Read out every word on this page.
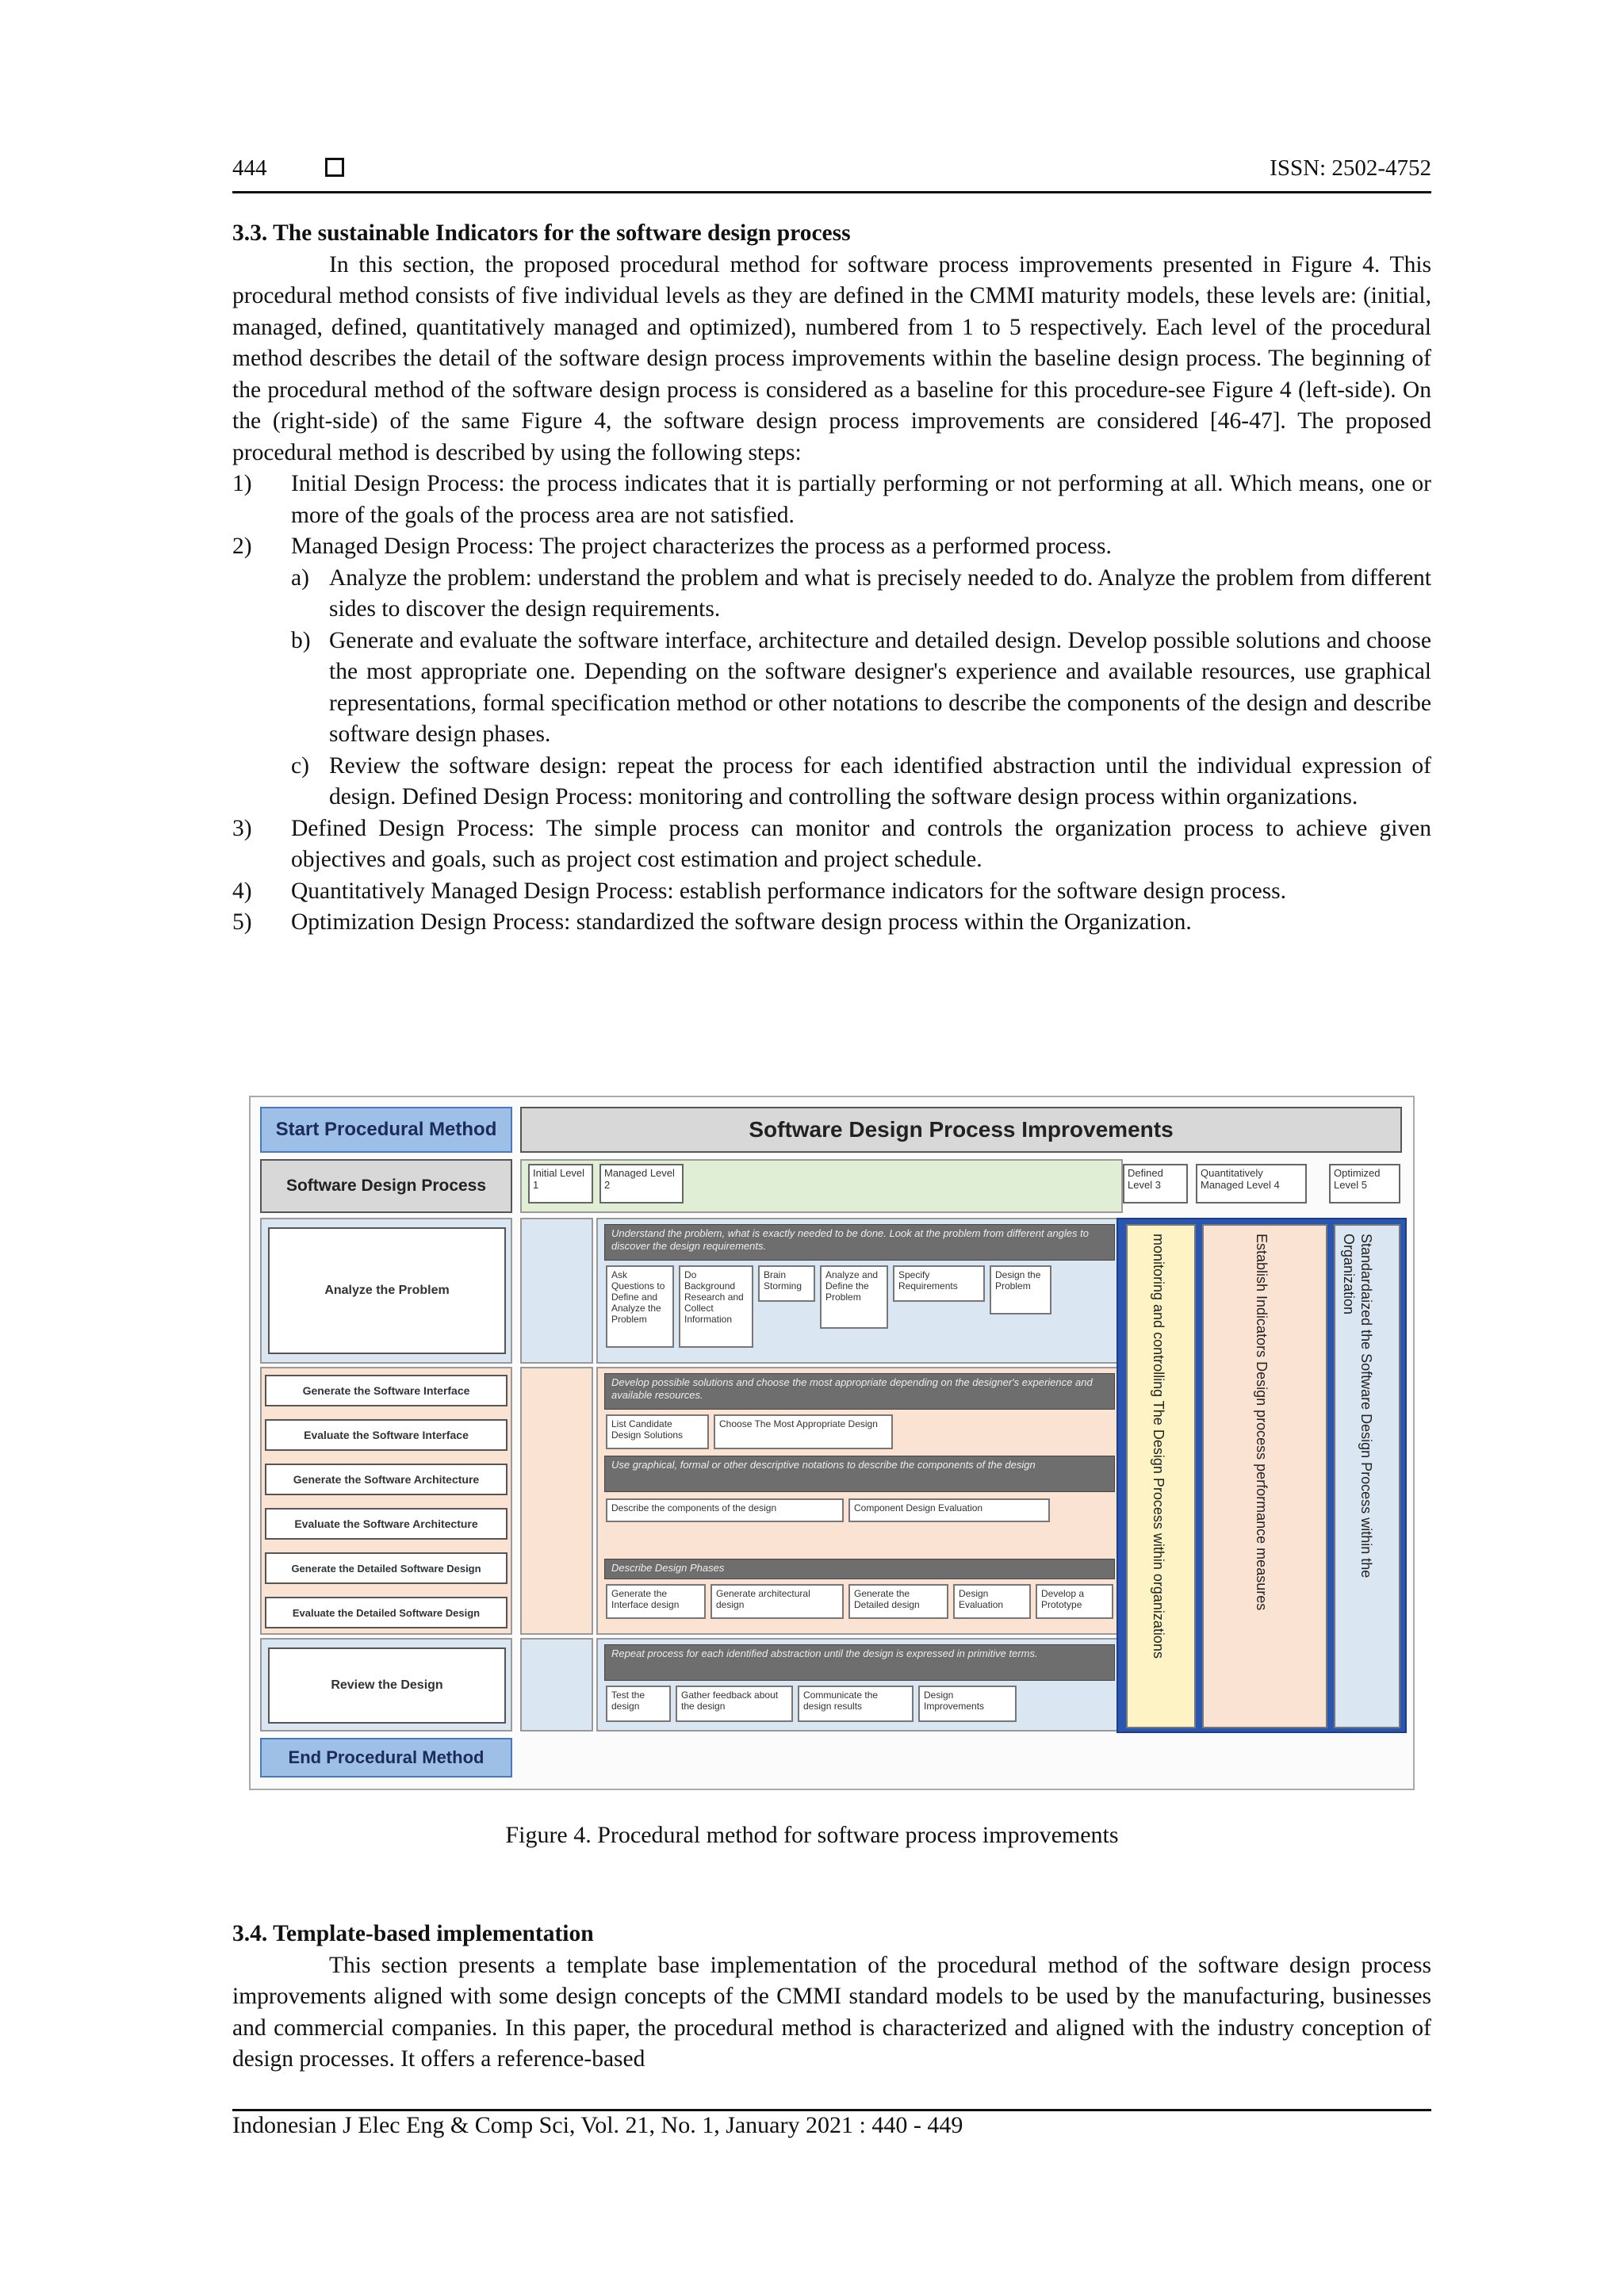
444	ISSN: 2502-4752
3.3. The sustainable Indicators for the software design process

In this section, the proposed procedural method for software process improvements presented in Figure 4. This procedural method consists of five individual levels as they are defined in the CMMI maturity models, these levels are: (initial, managed, defined, quantitatively managed and optimized), numbered from 1 to 5 respectively. Each level of the procedural method describes the detail of the software design process improvements within the baseline design process. The beginning of the procedural method of the software design process is considered as a baseline for this procedure-see Figure 4 (left-side). On the (right-side) of the same Figure 4, the software design process improvements are considered [46-47]. The proposed procedural method is described by using the following steps:

1) Initial Design Process: the process indicates that it is partially performing or not performing at all. Which means, one or more of the goals of the process area are not satisfied.
2) Managed Design Process: The project characterizes the process as a performed process.
a) Analyze the problem: understand the problem and what is precisely needed to do. Analyze the problem from different sides to discover the design requirements.
b) Generate and evaluate the software interface, architecture and detailed design. Develop possible solutions and choose the most appropriate one. Depending on the software designer's experience and available resources, use graphical representations, formal specification method or other notations to describe the components of the design and describe software design phases.
c) Review the software design: repeat the process for each identified abstraction until the individual expression of design. Defined Design Process: monitoring and controlling the software design process within organizations.
3) Defined Design Process: The simple process can monitor and controls the organization process to achieve given objectives and goals, such as project cost estimation and project schedule.
4) Quantitatively Managed Design Process: establish performance indicators for the software design process.
5) Optimization Design Process: standardized the software design process within the Organization.
Start Procedural Method	Software Design Process Improvements
Software Design Process
Initial Level 1
Managed Level 2
Defined Level 3
Quantitatively Managed Level 4
Optimized Level 5
Analyze the Problem
Generate the Software Interface
Evaluate the Software Interface
Generate the Software Architecture
Evaluate the Software Architecture
Generate the Detailed Software Design
Evaluate the Detailed Software Design
Review the Design
End Procedural Method
Understand the problem, what is exactly needed to be done. Look at the problem from different angles to discover the design requirements.
Ask Questions to Define and Analyze the Problem
Do Background Research and Collect Information
Brain Storming
Analyze and Define the Problem
Specify Requirements
Design the Problem
Develop possible solutions and choose the most appropriate depending on the designer's experience and available resources.
List Candidate Design Solutions
Choose The Most Appropriate Design
Use graphical, formal or other descriptive notations to describe the components of the design
Describe the components of the design	Component Design Evaluation
Describe Design Phases
Generate the Interface design
Generate architectural design
Generate the Detailed design
Design Evaluation
Develop a Prototype
Repeat process for each identified abstraction until the design is expressed in primitive terms.
Test the design
Gather feedback about the design
Communicate the design results
Design Improvements
monitoring and controlling The Design Process within organizations	Establish Indicators Design process performance measures	Standardaized the Software Design Process within the Organization
Figure 4. Procedural method for software process improvements
3.4. Template-based implementation

This section presents a template base implementation of the procedural method of the software design process improvements aligned with some design concepts of the CMMI standard models to be used by the manufacturing, businesses and commercial companies. In this paper, the procedural method is characterized and aligned with the industry conception of design processes. It offers a reference-based

Indonesian J Elec Eng & Comp Sci, Vol. 21, No. 1, January 2021 : 440 - 449
